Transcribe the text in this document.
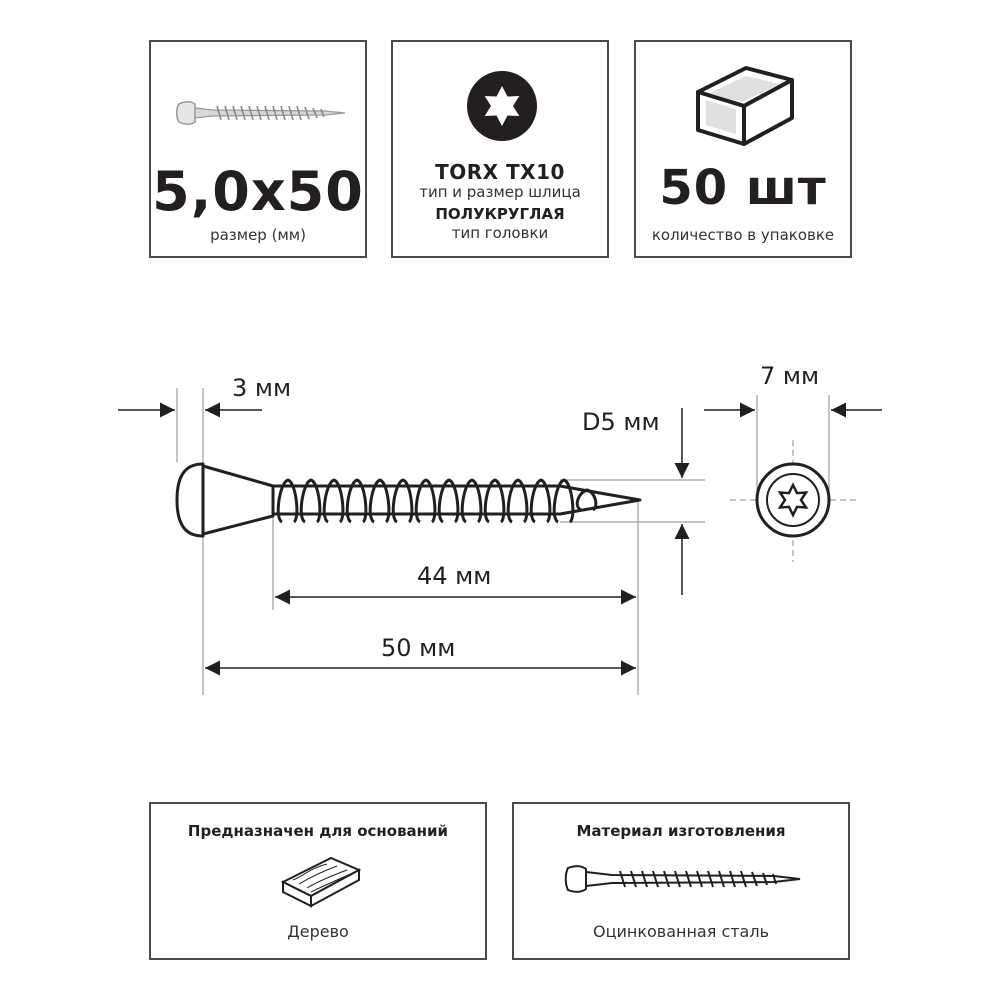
5,0x50
размер (мм)
TORX TX10
тип и размер шлица
ПОЛУКРУГЛАЯ
тип головки
50 шт
количество в упаковке
3 мм
D5 мм
44 мм
50 мм
7 мм
Предназначен для оснований
Дерево
Материал изготовления
Оцинкованная сталь
